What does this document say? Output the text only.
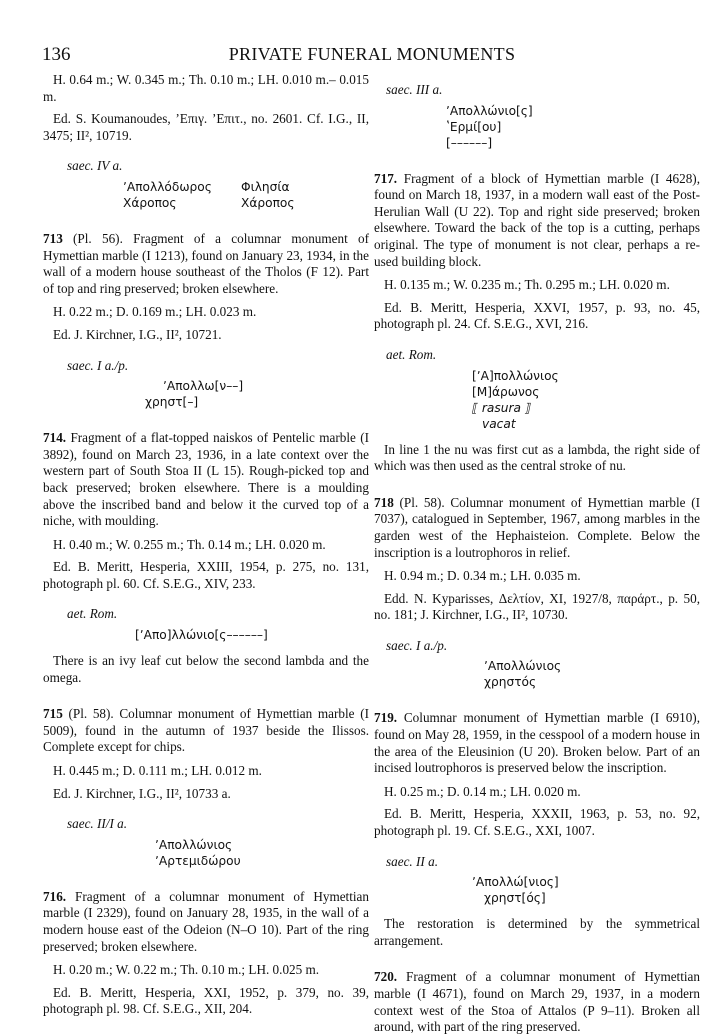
136	PRIVATE FUNERAL MONUMENTS

H. 0.64 m.; W. 0.345 m.; Th. 0.10 m.; LH. 0.010 m.– 0.015 m.

Ed. S. Koumanoudes, ʼΕπιγ. ʼΕπιτ., no. 2601. Cf. I.G., II, 3475; II², 10719.

saec. IV a.
ʼΑπολλόδωρος	Φιλησία
Χάροπος	Χάροπος

713 (Pl. 56). Fragment of a columnar monument of Hymettian marble (I 1213), found on January 23, 1934, in the wall of a modern house southeast of the Tholos (F 12). Part of top and ring preserved; broken elsewhere.

H. 0.22 m.; D. 0.169 m.; LH. 0.023 m.

Ed. J. Kirchner, I.G., II², 10721.

saec. I a./p.
ʼΑπολλω[ν––]
χρηστ[–]

714. Fragment of a flat-topped naiskos of Pentelic marble (I 3892), found on March 23, 1936, in a late context over the western part of South Stoa II (L 15). Rough-picked top and back preserved; broken elsewhere. There is a moulding above the inscribed band and below it the curved top of a niche, with moulding.

H. 0.40 m.; W. 0.255 m.; Th. 0.14 m.; LH. 0.020 m.

Ed. B. Meritt, Hesperia, XXIII, 1954, p. 275, no. 131, photograph pl. 60. Cf. S.E.G., XIV, 233.

aet. Rom.
[ʼΑπο]λλώνιο[ς––––––]

There is an ivy leaf cut below the second lambda and the omega.

715 (Pl. 58). Columnar monument of Hymettian marble (I 5009), found in the autumn of 1937 beside the Ilissos. Complete except for chips.

H. 0.445 m.; D. 0.111 m.; LH. 0.012 m.

Ed. J. Kirchner, I.G., II², 10733 a.

saec. II/I a.
ʼΑπολλώνιος
ʼΑρτεμιδώρου

716. Fragment of a columnar monument of Hymettian marble (I 2329), found on January 28, 1935, in the wall of a modern house east of the Odeion (N–O 10). Part of the ring preserved; broken elsewhere.

H. 0.20 m.; W. 0.22 m.; Th. 0.10 m.; LH. 0.025 m.

Ed. B. Meritt, Hesperia, XXI, 1952, p. 379, no. 39, photograph pl. 98. Cf. S.E.G., XII, 204.

saec. III a.
ʼΑπολλώνιο[ς]
ʽΕρμί[ου]
[––––––]

717. Fragment of a block of Hymettian marble (I 4628), found on March 18, 1937, in a modern wall east of the Post-Herulian Wall (U 22). Top and right side preserved; broken elsewhere. Toward the back of the top is a cutting, perhaps original. The type of monument is not clear, perhaps a re-used building block.

H. 0.135 m.; W. 0.235 m.; Th. 0.295 m.; LH. 0.020 m.

Ed. B. Meritt, Hesperia, XXVI, 1957, p. 93, no. 45, photograph pl. 24. Cf. S.E.G., XVI, 216.

aet. Rom.
[ʼΑ]πολλώνιος
[Μ]άρωνος
⟦ rasura ⟧
vacat

In line 1 the nu was first cut as a lambda, the right side of which was then used as the central stroke of nu.

718 (Pl. 58). Columnar monument of Hymettian marble (I 7037), catalogued in September, 1967, among marbles in the garden west of the Hephaisteion. Complete. Below the inscription is a loutrophoros in relief.

H. 0.94 m.; D. 0.34 m.; LH. 0.035 m.

Edd. N. Kyparisses, Δελτίον, XI, 1927/8, παράρτ., p. 50, no. 181; J. Kirchner, I.G., II², 10730.

saec. I a./p.
ʼΑπολλώνιος
χρηστός

719. Columnar monument of Hymettian marble (I 6910), found on May 28, 1959, in the cesspool of a modern house in the area of the Eleusinion (U 20). Broken below. Part of an incised loutrophoros is preserved below the inscription.

H. 0.25 m.; D. 0.14 m.; LH. 0.020 m.

Ed. B. Meritt, Hesperia, XXXII, 1963, p. 53, no. 92, photograph pl. 19. Cf. S.E.G., XXI, 1007.

saec. II a.
ʼΑπολλώ[νιος]
χρηστ[ός]

The restoration is determined by the symmetrical arrangement.

720. Fragment of a columnar monument of Hymettian marble (I 4671), found on March 29, 1937, in a modern context west of the Stoa of Attalos (P 9–11). Broken all around, with part of the ring preserved.
